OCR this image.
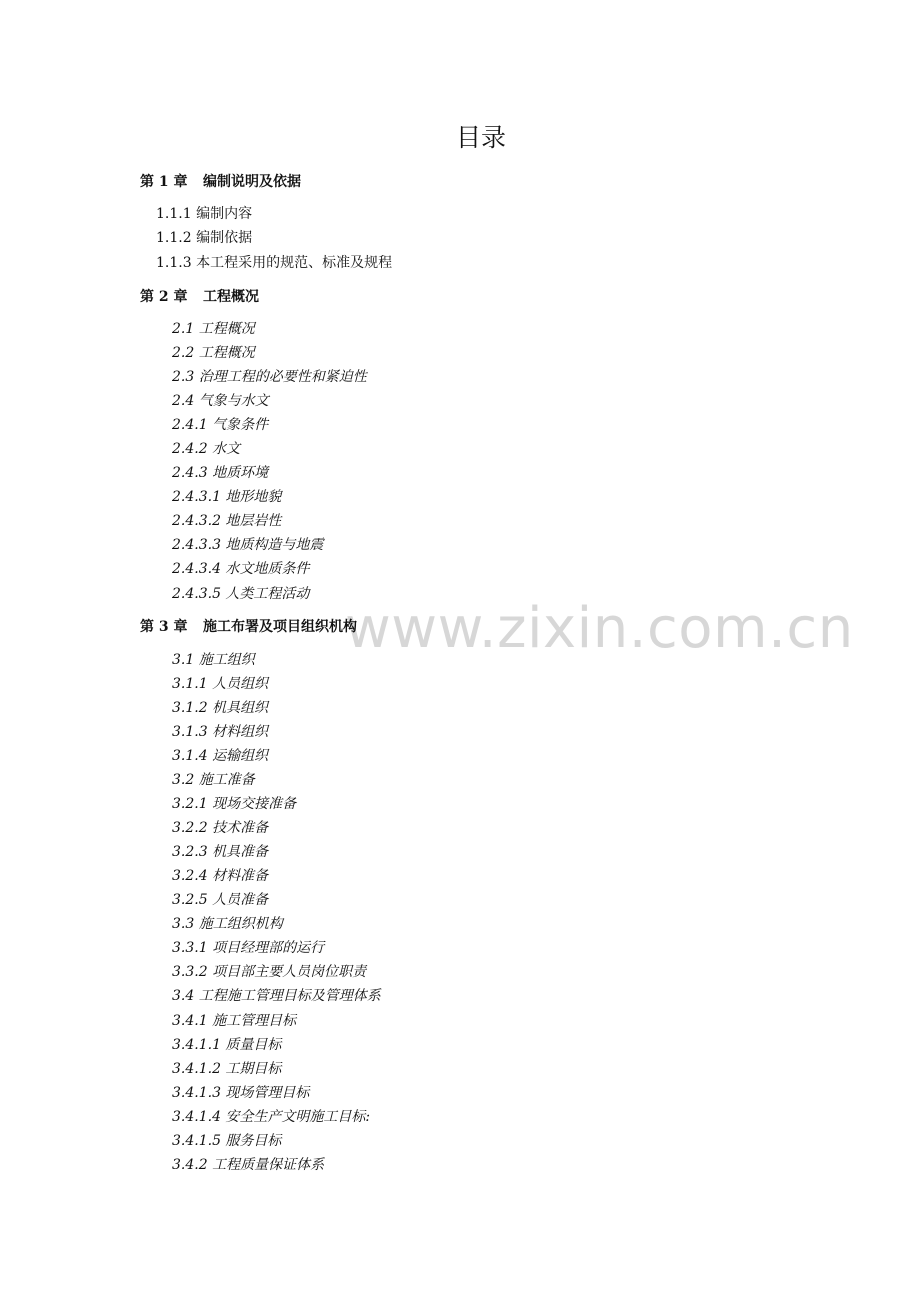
目录
www.zixin.com.cn
第 1 章 编制说明及依据
1.1.1 编制内容
1.1.2 编制依据
1.1.3 本工程采用的规范、标准及规程
第 2 章 工程概况
2.1 工程概况
2.2 工程概况
2.3 治理工程的必要性和紧迫性
2.4 气象与水文
2.4.1 气象条件
2.4.2 水文
2.4.3 地质环境
2.4.3.1 地形地貌
2.4.3.2 地层岩性
2.4.3.3 地质构造与地震
2.4.3.4 水文地质条件
2.4.3.5 人类工程活动
第 3 章 施工布署及项目组织机构
3.1 施工组织
3.1.1 人员组织
3.1.2 机具组织
3.1.3 材料组织
3.1.4 运输组织
3.2 施工准备
3.2.1 现场交接准备
3.2.2 技术准备
3.2.3 机具准备
3.2.4 材料准备
3.2.5 人员准备
3.3 施工组织机构
3.3.1 项目经理部的运行
3.3.2 项目部主要人员岗位职责
3.4 工程施工管理目标及管理体系
3.4.1 施工管理目标
3.4.1.1 质量目标
3.4.1.2 工期目标
3.4.1.3 现场管理目标
3.4.1.4 安全生产文明施工目标:
3.4.1.5 服务目标
3.4.2 工程质量保证体系
